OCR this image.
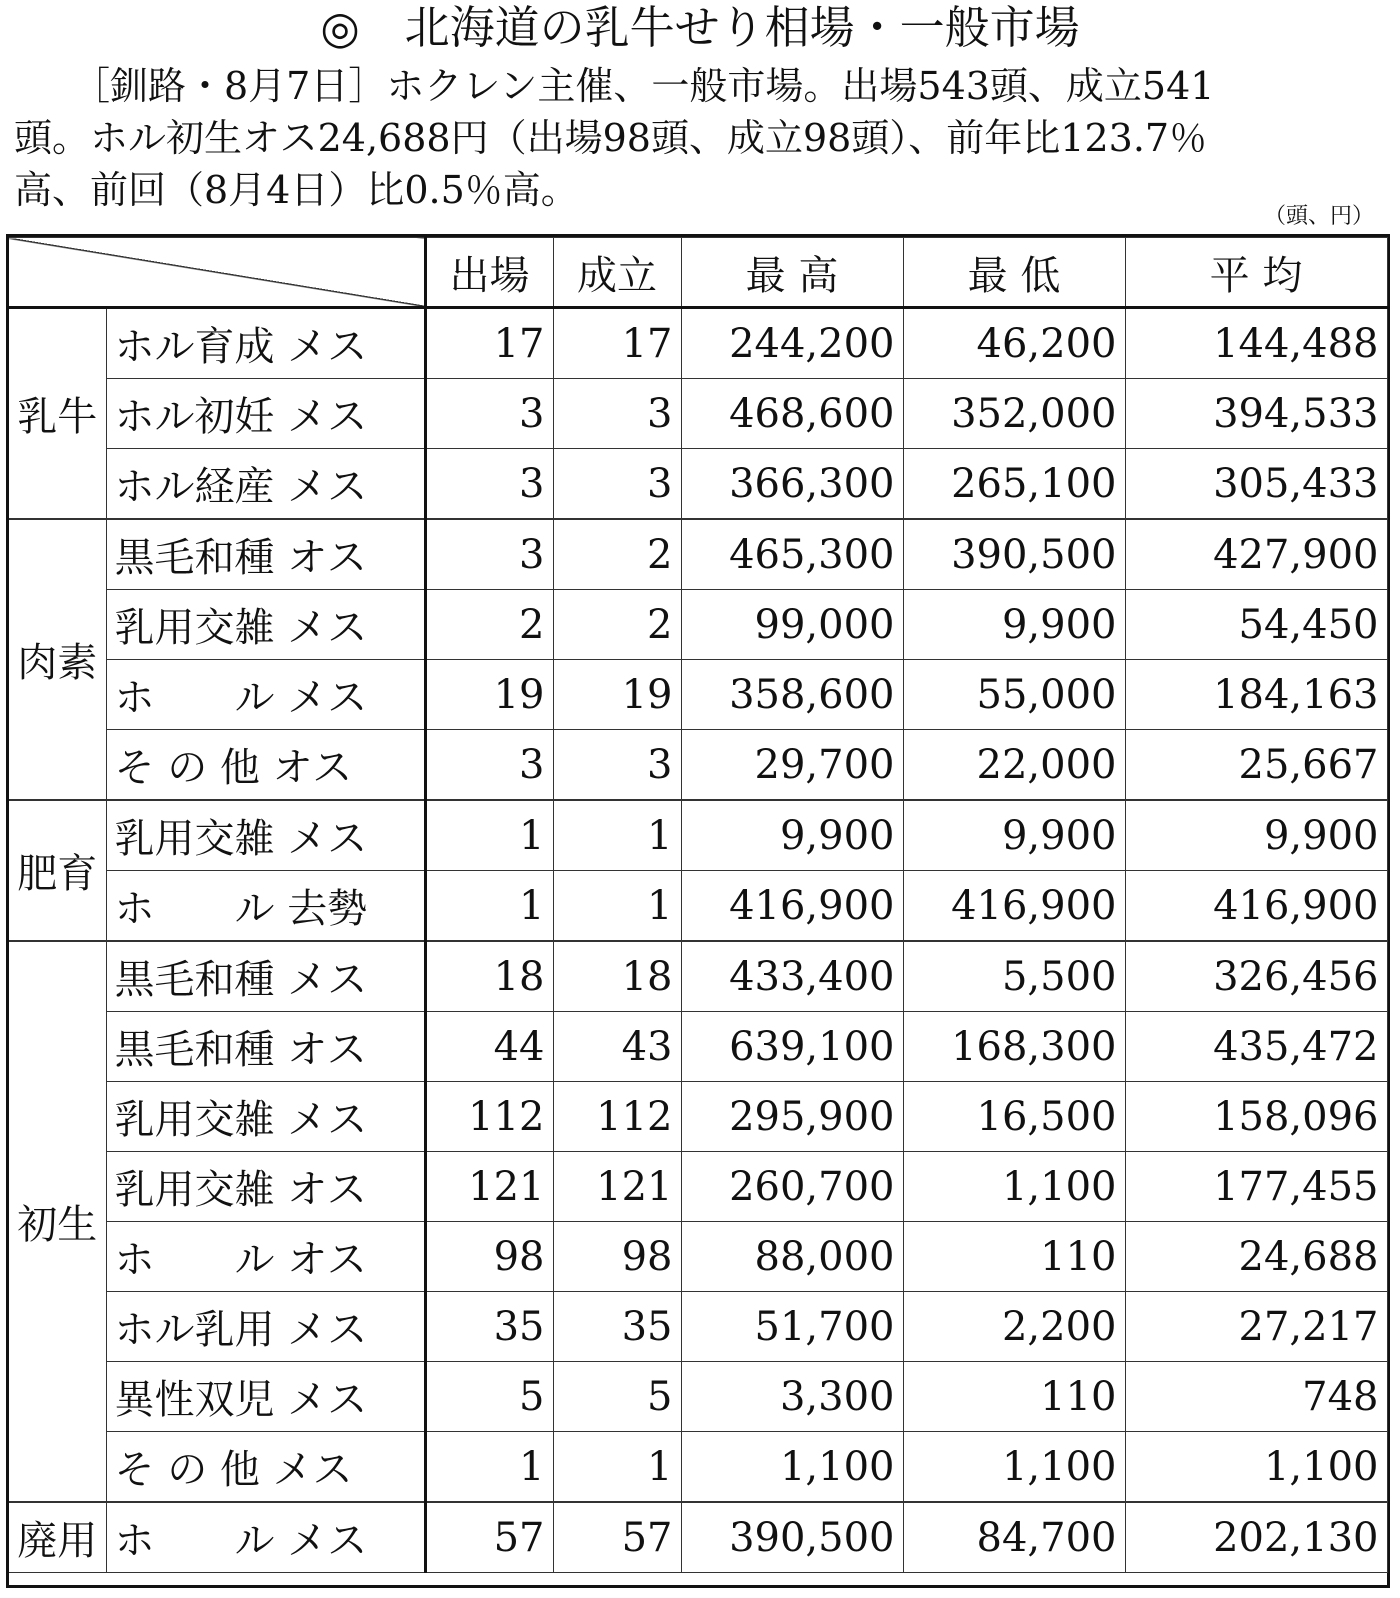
◎　北海道の乳牛せり相場・一般市場
［釧路・8月7日］ホクレン主催、一般市場。出場543頭、成立541
頭。ホル初生オス24,688円（出場98頭、成立98頭）、前年比123.7％
高、前回（8月4日）比0.5％高。
（頭、円）
		出場	成立	最 高	最 低	平 均
乳牛	ホル育成 メス	17	17	244,200	46,200	144,488
	ホル初妊 メス	3	3	468,600	352,000	394,533
	ホル経産 メス	3	3	366,300	265,100	305,433
肉素	黒毛和種 オス	3	2	465,300	390,500	427,900
	乳用交雑 メス	2	2	99,000	9,900	54,450
	ホ　　ル メス	19	19	358,600	55,000	184,163
	そ の 他 オス	3	3	29,700	22,000	25,667
肥育	乳用交雑 メス	1	1	9,900	9,900	9,900
	ホ　　ル 去勢	1	1	416,900	416,900	416,900
初生	黒毛和種 メス	18	18	433,400	5,500	326,456
	黒毛和種 オス	44	43	639,100	168,300	435,472
	乳用交雑 メス	112	112	295,900	16,500	158,096
	乳用交雑 オス	121	121	260,700	1,100	177,455
	ホ　　ル オス	98	98	88,000	110	24,688
	ホル乳用 メス	35	35	51,700	2,200	27,217
	異性双児 メス	5	5	3,300	110	748
	そ の 他 メス	1	1	1,100	1,100	1,100
廃用	ホ　　ル メス	57	57	390,500	84,700	202,130
